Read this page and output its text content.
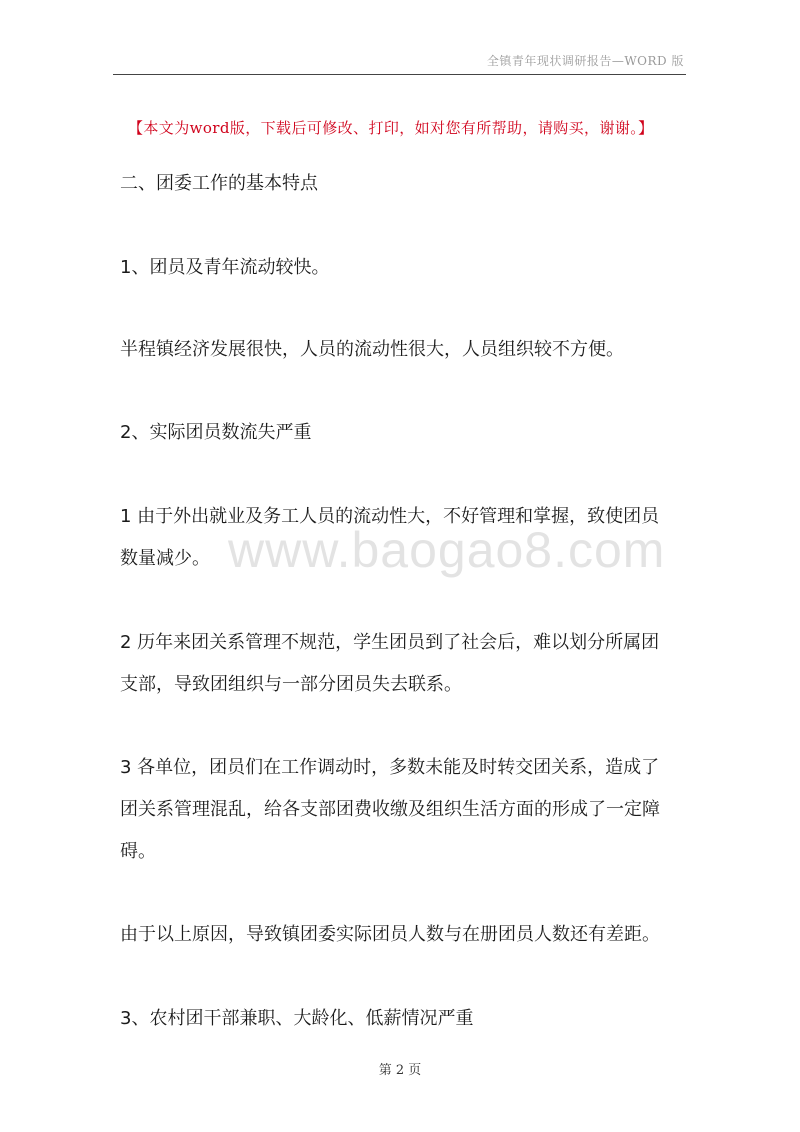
全镇青年现状调研报告—WORD 版
【本文为word版，下载后可修改、打印，如对您有所帮助，请购买，谢谢。】
二、团委工作的基本特点
1、团员及青年流动较快。
半程镇经济发展很快，人员的流动性很大，人员组织较不方便。
2、实际团员数流失严重
1 由于外出就业及务工人员的流动性大，不好管理和掌握，致使团员
数量减少。
2 历年来团关系管理不规范，学生团员到了社会后，难以划分所属团
支部，导致团组织与一部分团员失去联系。
3 各单位，团员们在工作调动时，多数未能及时转交团关系，造成了
团关系管理混乱，给各支部团费收缴及组织生活方面的形成了一定障
碍。
由于以上原因，导致镇团委实际团员人数与在册团员人数还有差距。
3、农村团干部兼职、大龄化、低薪情况严重
www.baogao8.com
第 2 页
